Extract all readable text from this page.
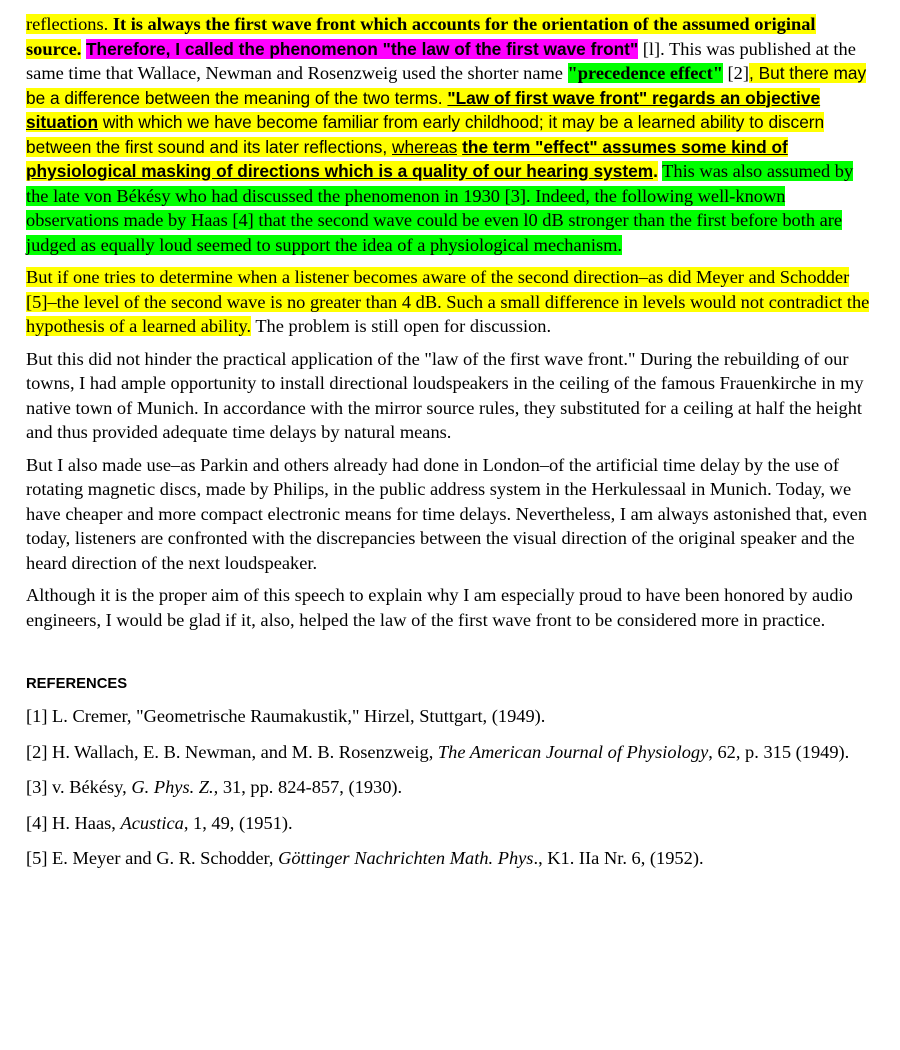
reflections. It is always the first wave front which accounts for the orientation of the assumed original source. Therefore, I called the phenomenon "the law of the first wave front" [l]. This was published at the same time that Wallace, Newman and Rosenzweig used the shorter name "precedence effect" [2], But there may be a difference between the meaning of the two terms. "Law of first wave front" regards an objective situation with which we have become familiar from early childhood; it may be a learned ability to discern between the first sound and its later reflections, whereas the term "effect" assumes some kind of physiological masking of directions which is a quality of our hearing system. This was also assumed by the late von Békésy who had discussed the phenomenon in 1930 [3]. Indeed, the following well-known observations made by Haas [4] that the second wave could be even l0 dB stronger than the first before both are judged as equally loud seemed to support the idea of a physiological mechanism.

But if one tries to determine when a listener becomes aware of the second direction–as did Meyer and Schodder [5]–the level of the second wave is no greater than 4 dB. Such a small difference in levels would not contradict the hypothesis of a learned ability. The problem is still open for discussion.

But this did not hinder the practical application of the "law of the first wave front." During the rebuilding of our towns, I had ample opportunity to install directional loudspeakers in the ceiling of the famous Frauenkirche in my native town of Munich. In accordance with the mirror source rules, they substituted for a ceiling at half the height and thus provided adequate time delays by natural means.

But I also made use–as Parkin and others already had done in London–of the artificial time delay by the use of rotating magnetic discs, made by Philips, in the public address system in the Herkulessaal in Munich. Today, we have cheaper and more compact electronic means for time delays. Nevertheless, I am always astonished that, even today, listeners are confronted with the discrepancies between the visual direction of the original speaker and the heard direction of the next loudspeaker.

Although it is the proper aim of this speech to explain why I am especially proud to have been honored by audio engineers, I would be glad if it, also, helped the law of the first wave front to be considered more in practice.

REFERENCES

[1] L. Cremer, "Geometrische Raumakustik," Hirzel, Stuttgart, (1949).

[2] H. Wallach, E. B. Newman, and M. B. Rosenzweig, The American Journal of Physiology, 62, p. 315 (1949).

[3] v. Békésy, G. Phys. Z., 31, pp. 824-857, (1930).

[4] H. Haas, Acustica, 1, 49, (1951).

[5] E. Meyer and G. R. Schodder, Göttinger Nachrichten Math. Phys., K1. IIa Nr. 6, (1952).
